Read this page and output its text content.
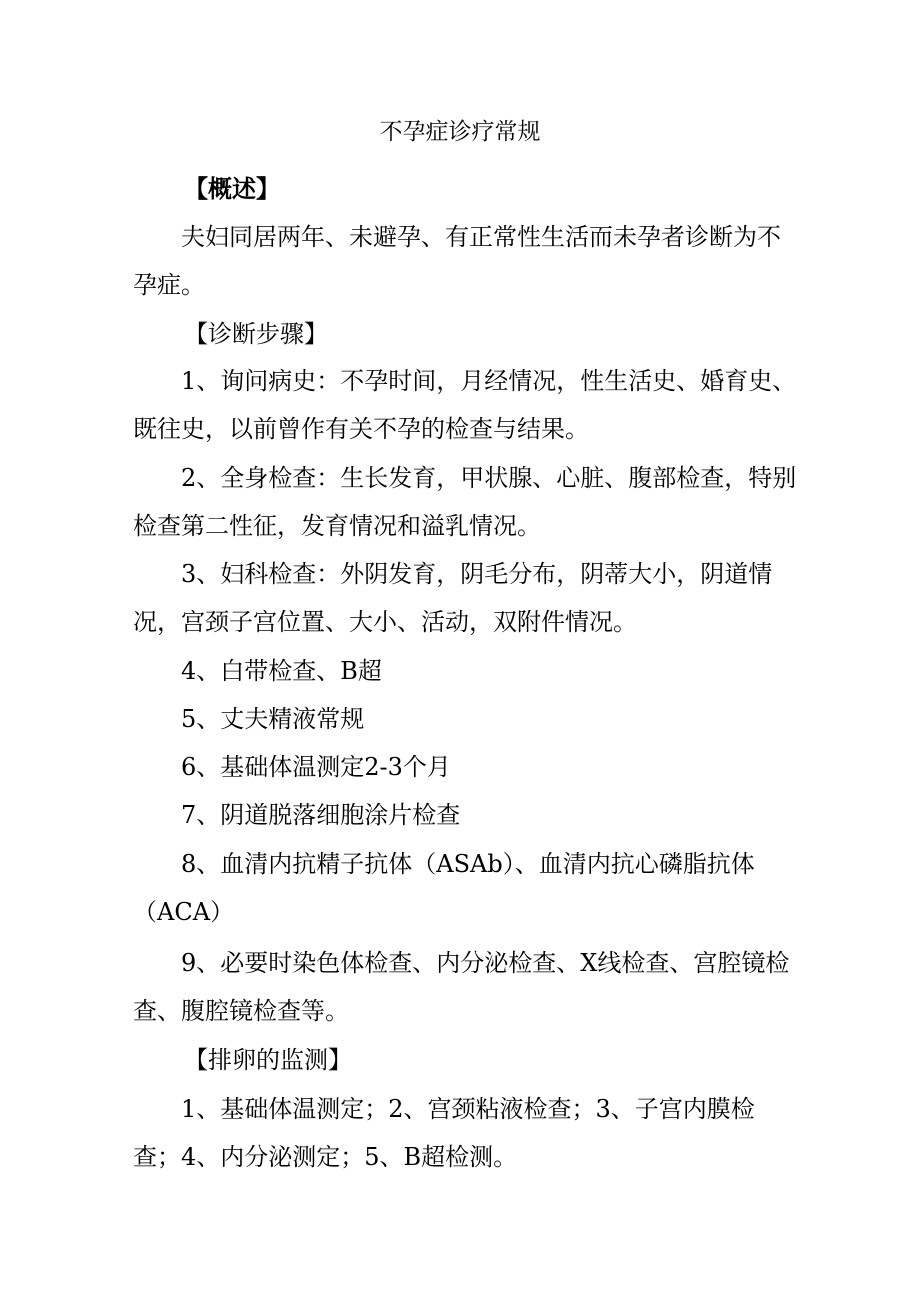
不孕症诊疗常规
【概述】

夫妇同居两年、未避孕、有正常性生活而未孕者诊断为不孕症。

【诊断步骤】

1、询问病史：不孕时间，月经情况，性生活史、婚育史、既往史，以前曾作有关不孕的检查与结果。

2、全身检查：生长发育，甲状腺、心脏、腹部检查，特别检查第二性征，发育情况和溢乳情况。

3、妇科检查：外阴发育，阴毛分布，阴蒂大小，阴道情况，宫颈子宫位置、大小、活动，双附件情况。

4、白带检查、B超
5、丈夫精液常规
6、基础体温测定2-3个月
7、阴道脱落细胞涂片检查

8、血清内抗精子抗体（ASAb）、血清内抗心磷脂抗体（ACA）

9、必要时染色体检查、内分泌检查、X线检查、宫腔镜检查、腹腔镜检查等。

【排卵的监测】

1、基础体温测定；2、宫颈粘液检查；3、子宫内膜检查；4、内分泌测定；5、B超检测。
